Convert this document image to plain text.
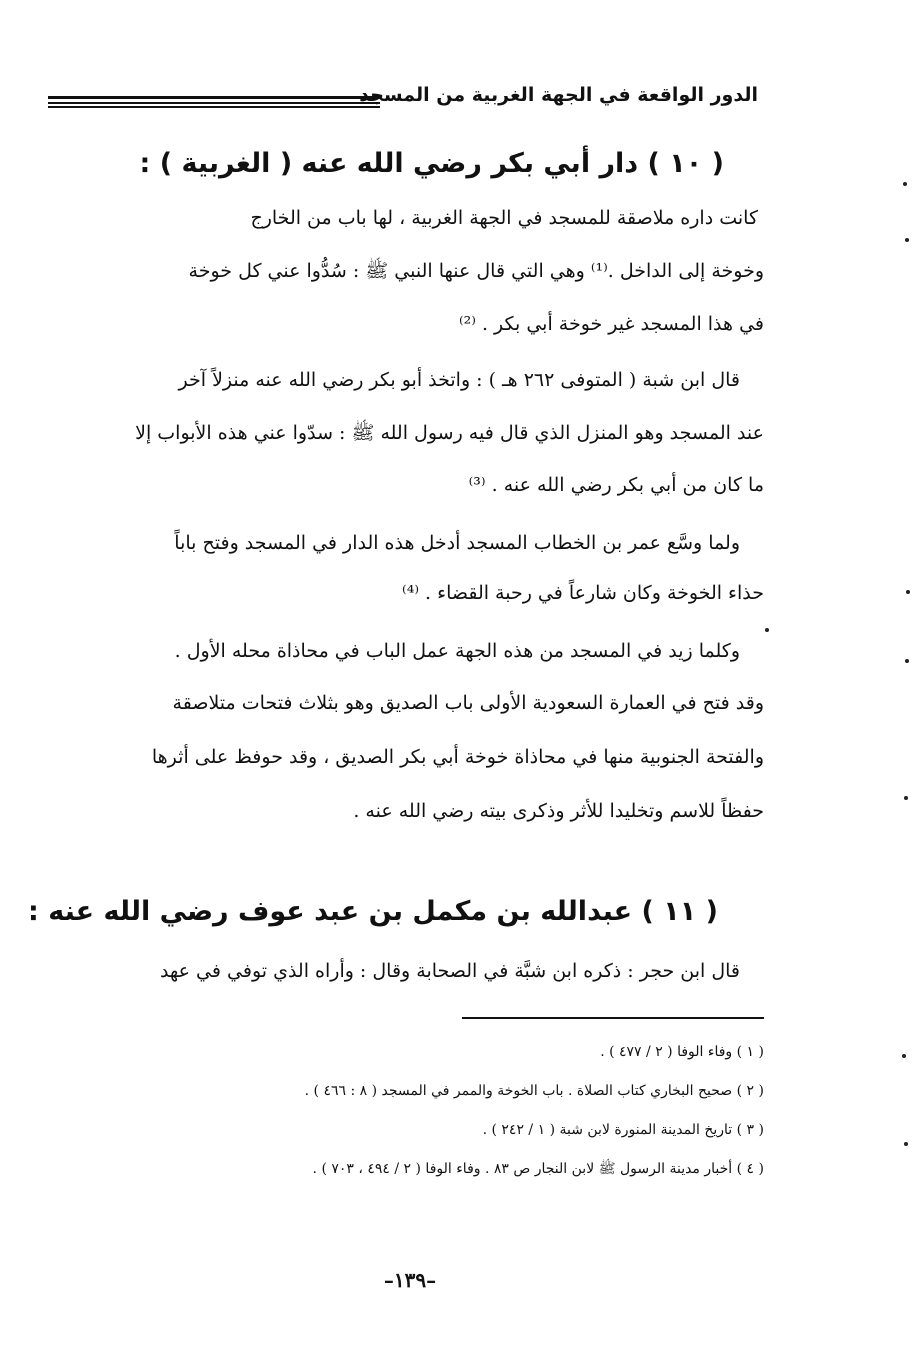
الدور الواقعة في الجهة الغربية من المسجد
( ١٠ ) دار أبي بكر رضي الله عنه ( الغربية ) :
كانت داره ملاصقة للمسجد في الجهة الغربية ، لها باب من الخارج
وخوخة إلى الداخل .⁽¹⁾ وهي التي قال عنها النبي ﷺ : سُدُّوا عني كل خوخة
في هذا المسجد غير خوخة أبي بكر . ⁽²⁾
قال ابن شبة ( المتوفى ٢٦٢ هـ ) : واتخذ أبو بكر رضي الله عنه منزلاً آخر
عند المسجد وهو المنزل الذي قال فيه رسول الله ﷺ : سدّوا عني هذه الأبواب إلا
ما كان من أبي بكر رضي الله عنه . ⁽³⁾
ولما وسَّع عمر بن الخطاب المسجد أدخل هذه الدار في المسجد وفتح باباً
حذاء الخوخة وكان شارعاً في رحبة القضاء . ⁽⁴⁾
وكلما زيد في المسجد من هذه الجهة عمل الباب في محاذاة محله الأول .
وقد فتح في العمارة السعودية الأولى باب الصديق وهو بثلاث فتحات متلاصقة
والفتحة الجنوبية منها في محاذاة خوخة أبي بكر الصديق ، وقد حوفظ على أثرها
حفظاً للاسم وتخليدا للأثر وذكرى بيته رضي الله عنه .
( ١١ ) عبدالله بن مكمل بن عبد عوف رضي الله عنه :
قال ابن حجر : ذكره ابن شبَّة في الصحابة وقال : وأراه الذي توفي في عهد
( ١ ) وفاء الوفا ( ٢ / ٤٧٧ ) .
( ٢ ) صحيح البخاري كتاب الصلاة . باب الخوخة والممر في المسجد ( ٨ : ٤٦٦ ) .
( ٣ ) تاريخ المدينة المنورة لابن شبة ( ١ / ٢٤٢ ) .
( ٤ ) أخبار مدينة الرسول ﷺ لابن النجار ص ٨٣ . وفاء الوفا ( ٢ / ٤٩٤ ، ٧٠٣ ) .
–١٣٩–
